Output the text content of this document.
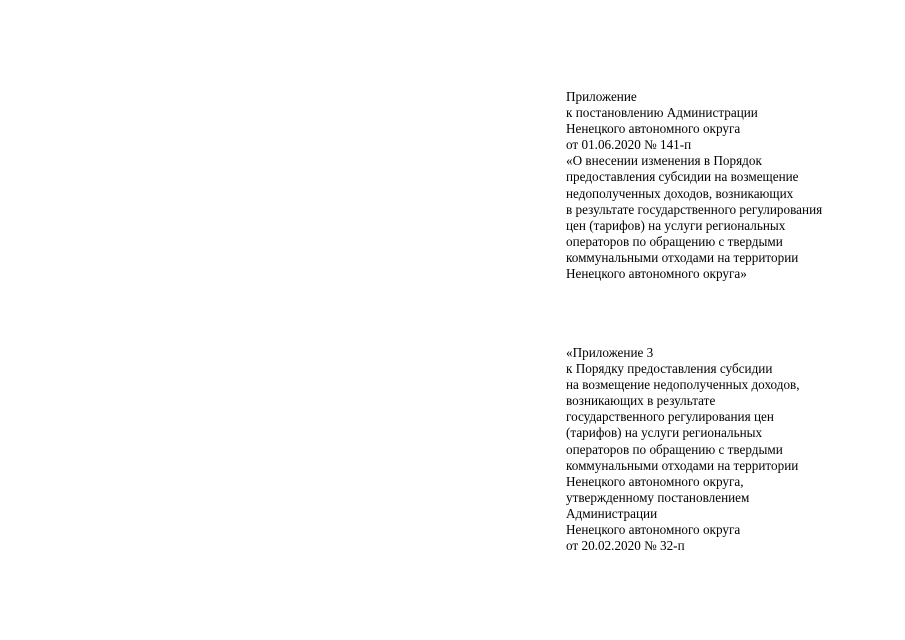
Приложение
к постановлению Администрации
Ненецкого автономного округа
от 01.06.2020 № 141-п
«О внесении изменения в Порядок
предоставления субсидии на возмещение
недополученных доходов, возникающих
в результате государственного регулирования
цен (тарифов) на услуги региональных
операторов по обращению с твердыми
коммунальными отходами на территории
Ненецкого автономного округа»
«Приложение 3
к Порядку предоставления субсидии
на возмещение недополученных доходов,
возникающих в результате
государственного регулирования цен
(тарифов) на услуги региональных
операторов по обращению с твердыми
коммунальными отходами на территории
Ненецкого автономного округа,
утвержденному постановлением
Администрации
Ненецкого автономного округа
от 20.02.2020 № 32-п
